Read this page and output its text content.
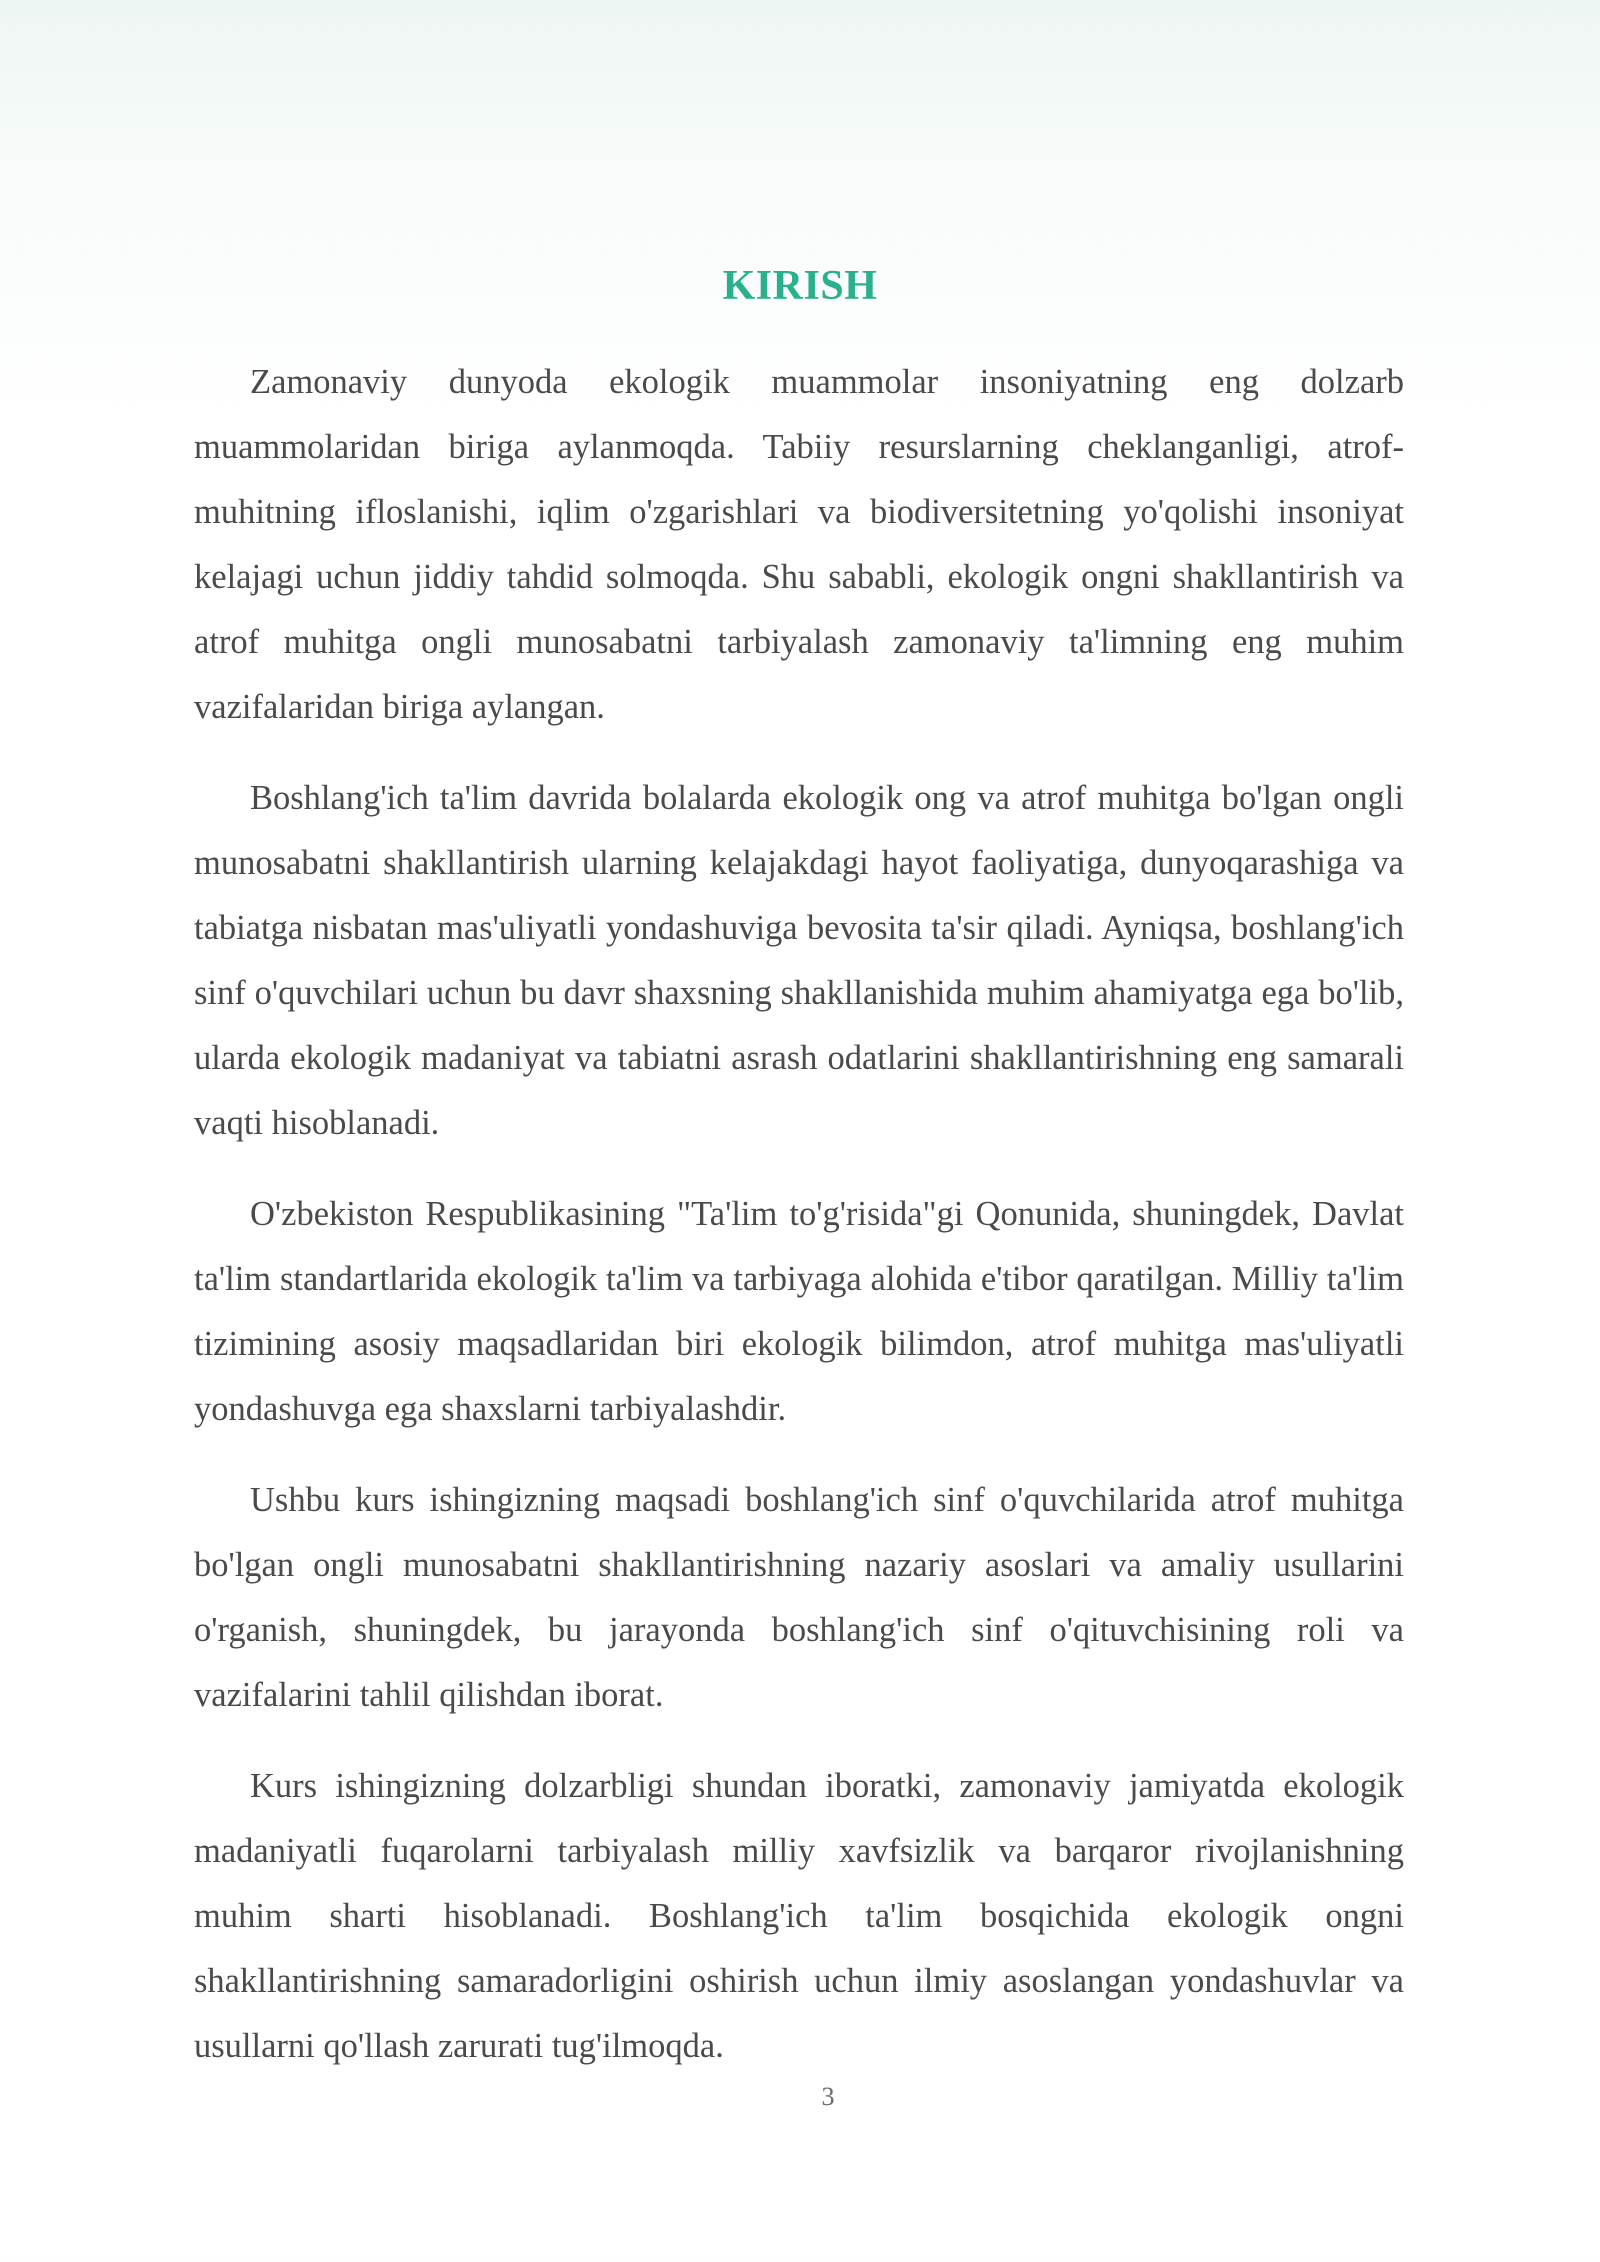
KIRISH

Zamonaviy dunyoda ekologik muammolar insoniyatning eng dolzarb muammolaridan biriga aylanmoqda. Tabiiy resurslarning cheklanganligi, atrof-muhitning ifloslanishi, iqlim o'zgarishlari va biodiversitetning yo'qolishi insoniyat kelajagi uchun jiddiy tahdid solmoqda. Shu sababli, ekologik ongni shakllantirish va atrof muhitga ongli munosabatni tarbiyalash zamonaviy ta'limning eng muhim vazifalaridan biriga aylangan.

Boshlang'ich ta'lim davrida bolalarda ekologik ong va atrof muhitga bo'lgan ongli munosabatni shakllantirish ularning kelajakdagi hayot faoliyatiga, dunyoqarashiga va tabiatga nisbatan mas'uliyatli yondashuviga bevosita ta'sir qiladi. Ayniqsa, boshlang'ich sinf o'quvchilari uchun bu davr shaxsning shakllanishida muhim ahamiyatga ega bo'lib, ularda ekologik madaniyat va tabiatni asrash odatlarini shakllantirishning eng samarali vaqti hisoblanadi.

O'zbekiston Respublikasining "Ta'lim to'g'risida"gi Qonunida, shuningdek, Davlat ta'lim standartlarida ekologik ta'lim va tarbiyaga alohida e'tibor qaratilgan. Milliy ta'lim tizimining asosiy maqsadlaridan biri ekologik bilimdon, atrof muhitga mas'uliyatli yondashuvga ega shaxslarni tarbiyalashdir.

Ushbu kurs ishingizning maqsadi boshlang'ich sinf o'quvchilarida atrof muhitga bo'lgan ongli munosabatni shakllantirishning nazariy asoslari va amaliy usullarini o'rganish, shuningdek, bu jarayonda boshlang'ich sinf o'qituvchisining roli va vazifalarini tahlil qilishdan iborat.

Kurs ishingizning dolzarbligi shundan iboratki, zamonaviy jamiyatda ekologik madaniyatli fuqarolarni tarbiyalash milliy xavfsizlik va barqaror rivojlanishning muhim sharti hisoblanadi. Boshlang'ich ta'lim bosqichida ekologik ongni shakllantirishning samaradorligini oshirish uchun ilmiy asoslangan yondashuvlar va usullarni qo'llash zarurati tug'ilmoqda.

3
